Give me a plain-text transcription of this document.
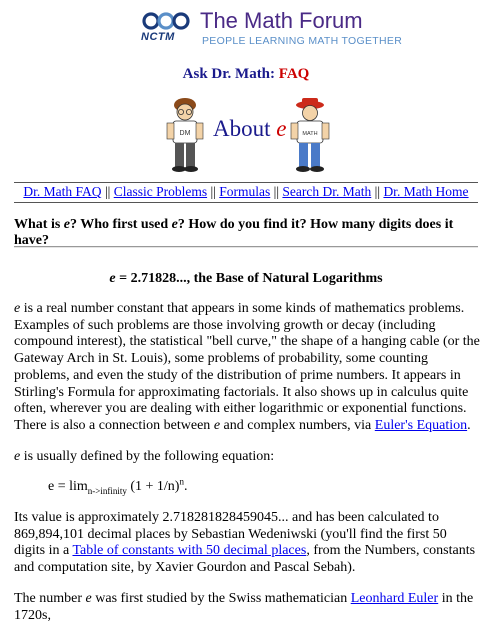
NCTM
The Math Forum
PEOPLE LEARNING MATH TOGETHER
Ask Dr. Math: FAQ
DM About e	MATH
Dr. Math FAQ || Classic Problems || Formulas || Search Dr. Math || Dr. Math Home
What is e? Who first used e? How do you find it? How many digits does it have?
e = 2.71828..., the Base of Natural Logarithms

e is a real number constant that appears in some kinds of mathematics problems. Examples of such problems are those involving growth or decay (including compound interest), the statistical "bell curve," the shape of a hanging cable (or the Gateway Arch in St. Louis), some problems of probability, some counting problems, and even the study of the distribution of prime numbers. It appears in Stirling's Formula for approximating factorials. It also shows up in calculus quite often, wherever you are dealing with either logarithmic or exponential functions. There is also a connection between e and complex numbers, via Euler's Equation.

e is usually defined by the following equation:

$e = \lim_{n->infinity} (1 + 1/n)^n$.

Its value is approximately 2.718281828459045... and has been calculated to 869,894,101 decimal places by Sebastian Wedeniwski (you'll find the first 50 digits in a Table of constants with 50 decimal places, from the Numbers, constants and computation site, by Xavier Gourdon and Pascal Sebah).

The number e was first studied by the Swiss mathematician Leonhard Euler in the 1720s,
